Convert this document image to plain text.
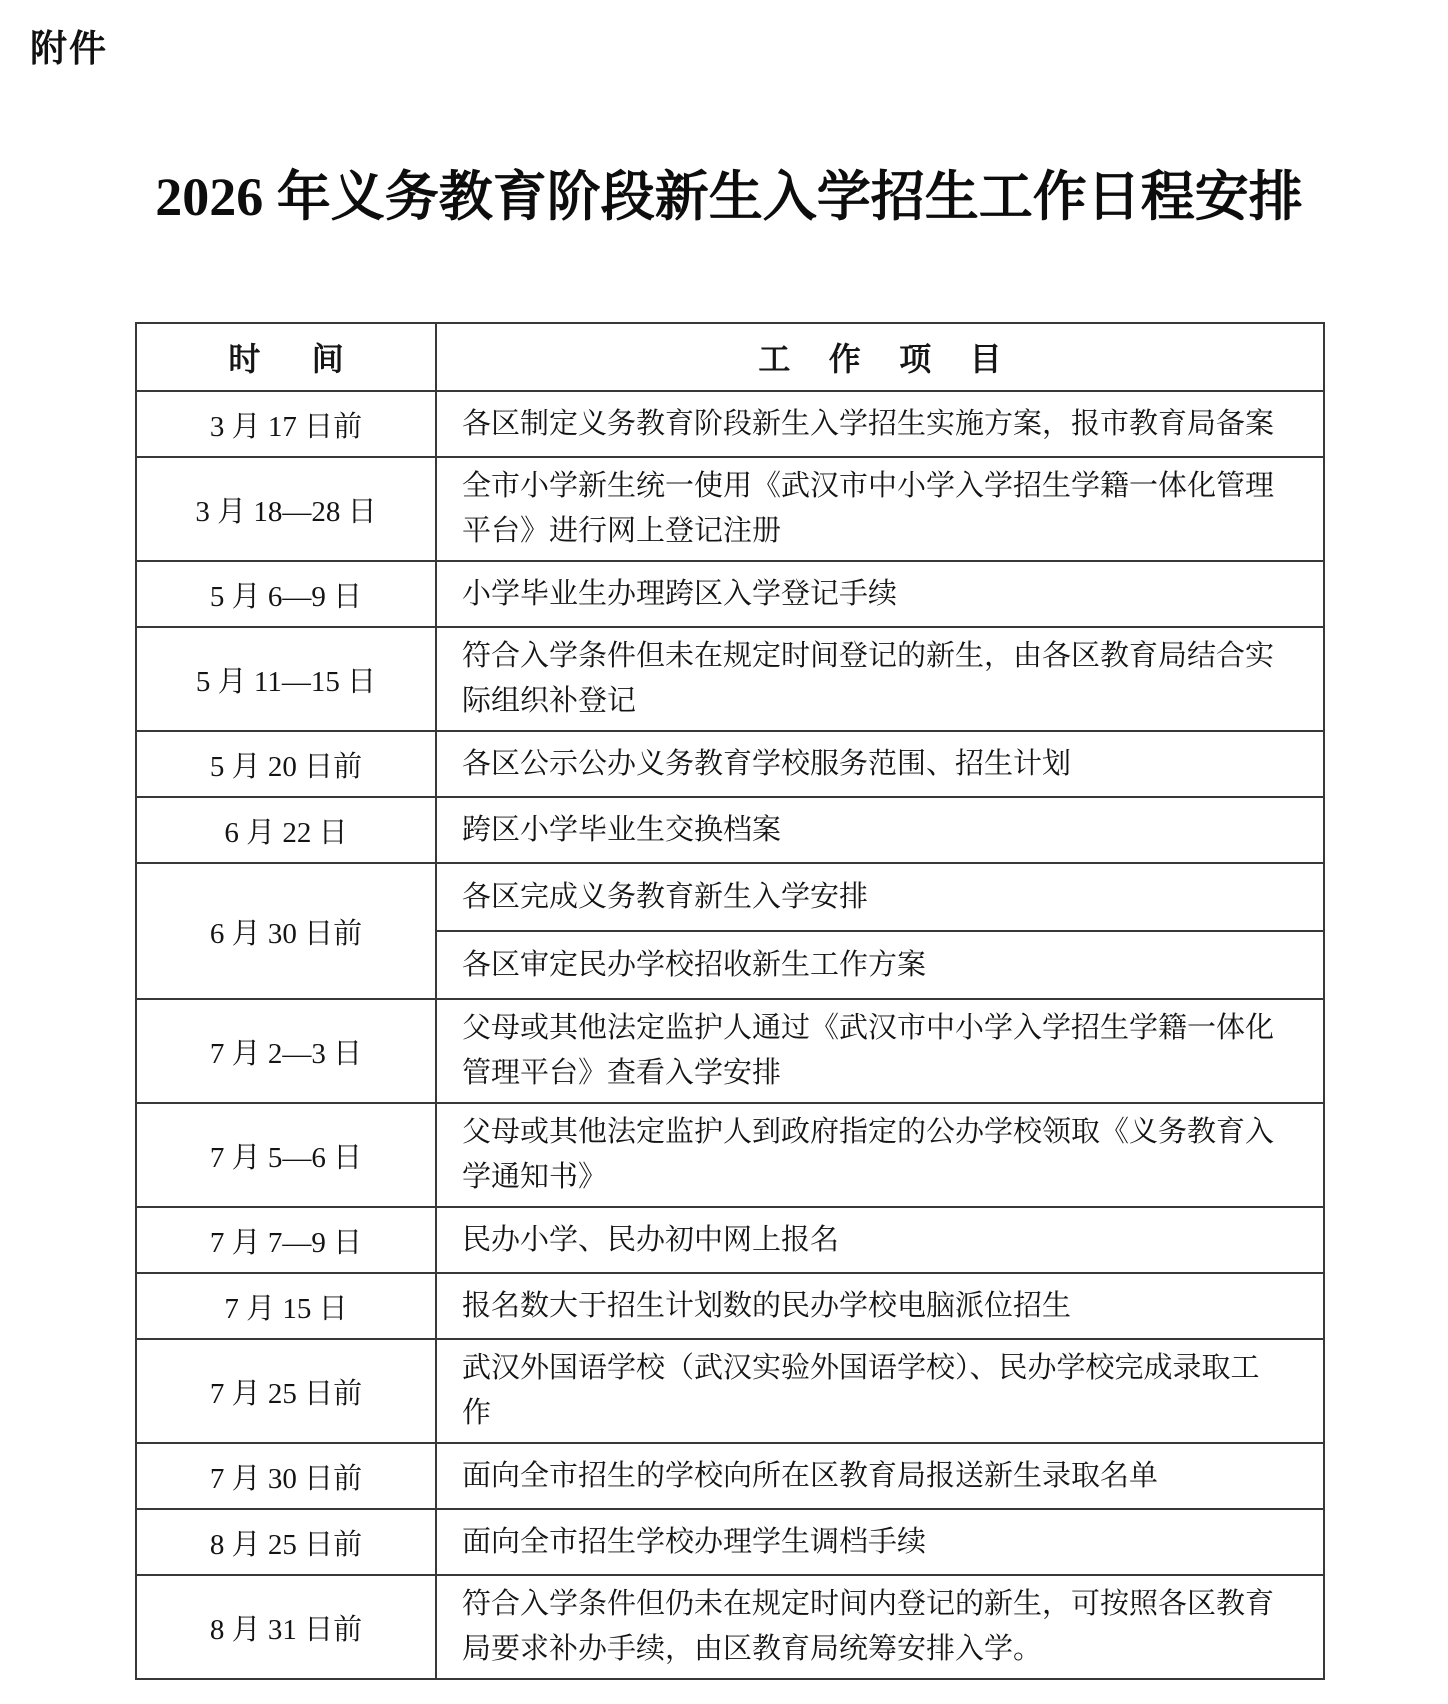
附件
2026 年义务教育阶段新生入学招生工作日程安排
时间	工作项目
3 月 17 日前	各区制定义务教育阶段新生入学招生实施方案，报市教育局备案
3 月 18—28 日	全市小学新生统一使用《武汉市中小学入学招生学籍一体化管理平台》进行网上登记注册
5 月 6—9 日	小学毕业生办理跨区入学登记手续
5 月 11—15 日	符合入学条件但未在规定时间登记的新生，由各区教育局结合实际组织补登记
5 月 20 日前	各区公示公办义务教育学校服务范围、招生计划
6 月 22 日	跨区小学毕业生交换档案
6 月 30 日前	各区完成义务教育新生入学安排
	各区审定民办学校招收新生工作方案
7 月 2—3 日	父母或其他法定监护人通过《武汉市中小学入学招生学籍一体化管理平台》查看入学安排
7 月 5—6 日	父母或其他法定监护人到政府指定的公办学校领取《义务教育入学通知书》
7 月 7—9 日	民办小学、民办初中网上报名
7 月 15 日	报名数大于招生计划数的民办学校电脑派位招生
7 月 25 日前	武汉外国语学校（武汉实验外国语学校）、民办学校完成录取工作
7 月 30 日前	面向全市招生的学校向所在区教育局报送新生录取名单
8 月 25 日前	面向全市招生学校办理学生调档手续
8 月 31 日前	符合入学条件但仍未在规定时间内登记的新生，可按照各区教育局要求补办手续，由区教育局统筹安排入学。
